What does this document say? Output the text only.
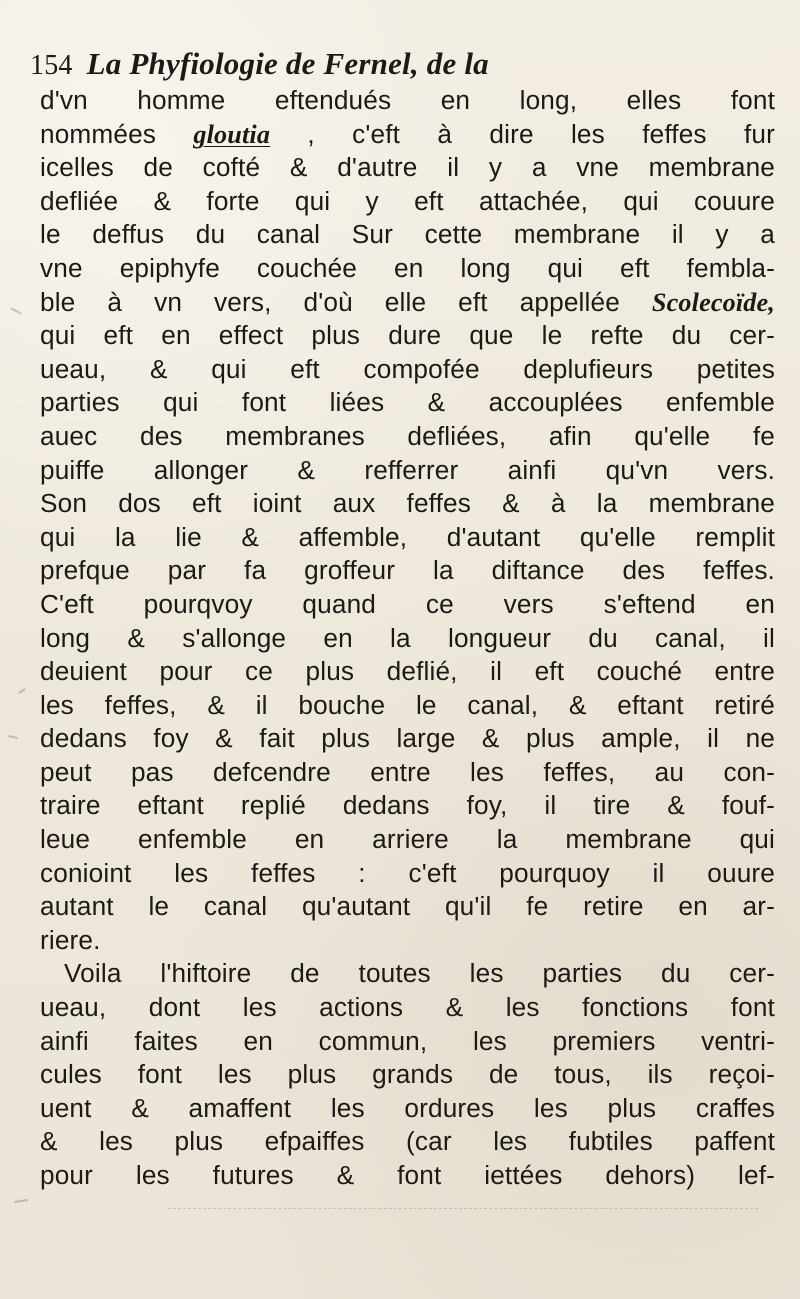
154 La Phyfiologie de Fernel, de la
d'vn homme eftendués en long, elles font
nommées gloutia , c'eft à dire les feffes fur
icelles de cofté & d'autre il y a vne membrane
defliée & forte qui y eft attachée, qui couure
le deffus du canal Sur cette membrane il y a
vne epiphyfe couchée en long qui eft fembla-
ble à vn vers, d'où elle eft appellée Scolecoïde,
qui eft en effect plus dure que le refte du cer-
ueau, & qui eft compofée deplufieurs petites
parties qui font liées & accouplées enfemble
auec des membranes defliées, afin qu'elle fe
puiffe allonger & refferrer ainfi qu'vn vers.
Son dos eft ioint aux feffes & à la membrane
qui la lie & affemble, d'autant qu'elle remplit
prefque par fa groffeur la diftance des feffes.
C'eft pourqvoy quand ce vers s'eftend en
long & s'allonge en la longueur du canal, il
deuient pour ce plus deflié, il eft couché entre
les feffes, & il bouche le canal, & eftant retiré
dedans foy & fait plus large & plus ample, il ne
peut pas defcendre entre les feffes, au con-
traire eftant replié dedans foy, il tire & fouf-
leue enfemble en arriere la membrane qui
conioint les feffes : c'eft pourquoy il ouure
autant le canal qu'autant qu'il fe retire en ar-
riere.
Voila l'hiftoire de toutes les parties du cer-
ueau, dont les actions & les fonctions font
ainfi faites en commun, les premiers ventri-
cules font les plus grands de tous, ils reçoi-
uent & amaffent les ordures les plus craffes
& les plus efpaiffes (car les fubtiles paffent
pour les futures & font iettées dehors) lef-
